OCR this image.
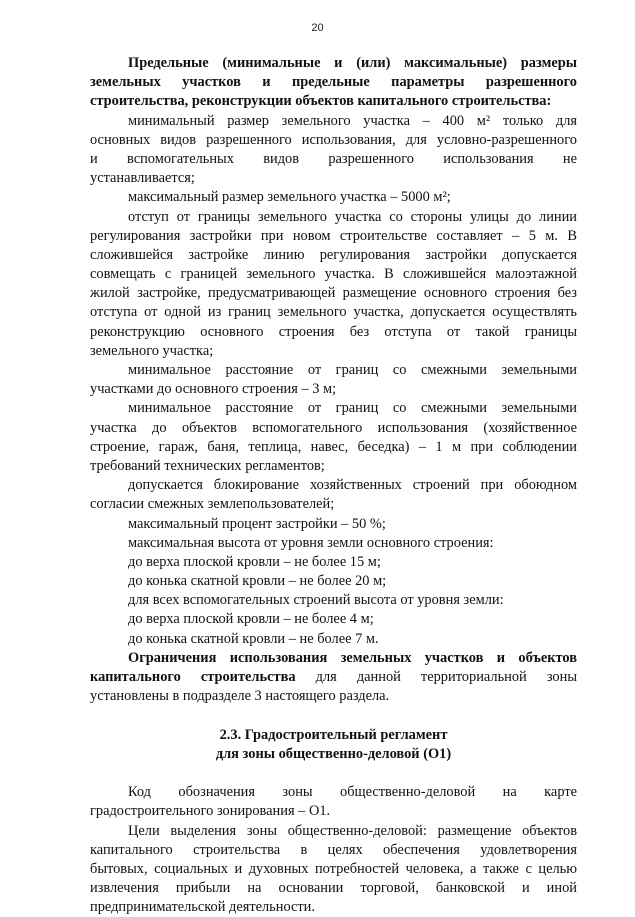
20
Предельные (минимальные и (или) максимальные) размеры
земельных участков и предельные параметры разрешенного
строительства, реконструкции объектов капитального строительства:
минимальный размер земельного участка – 400 м² только для
основных видов разрешенного использования, для условно-разрешенного
и вспомогательных видов разрешенного использования не
устанавливается;
максимальный размер земельного участка – 5000 м²;
отступ от границы земельного участка со стороны улицы до линии
регулирования застройки при новом строительстве составляет – 5 м. В
сложившейся застройке линию регулирования застройки допускается
совмещать с границей земельного участка. В сложившейся малоэтажной
жилой застройке, предусматривающей размещение основного строения без
отступа от одной из границ земельного участка, допускается осуществлять
реконструкцию основного строения без отступа от такой границы
земельного участка;
минимальное расстояние от границ со смежными земельными
участками до основного строения – 3 м;
минимальное расстояние от границ со смежными земельными
участка до объектов вспомогательного использования (хозяйственное
строение, гараж, баня, теплица, навес, беседка) – 1 м при соблюдении
требований технических регламентов;
допускается блокирование хозяйственных строений при обоюдном
согласии смежных землепользователей;
максимальный процент застройки – 50 %;
максимальная высота от уровня земли основного строения:
до верха плоской кровли – не более 15 м;
до конька скатной кровли – не более 20 м;
для всех вспомогательных строений высота от уровня земли:
до верха плоской кровли – не более 4 м;
до конька скатной кровли – не более 7 м.
Ограничения использования земельных участков и объектов
капитального строительства для данной территориальной зоны
установлены в подразделе 3 настоящего раздела.
2.3. Градостроительный регламент
для зоны общественно-деловой (О1)
Код обозначения зоны общественно-деловой на карте
градостроительного зонирования – О1.
Цели выделения зоны общественно-деловой: размещение объектов
капитального строительства в целях обеспечения удовлетворения
бытовых, социальных и духовных потребностей человека, а также с целью
извлечения прибыли на основании торговой, банковской и иной
предпринимательской деятельности.
